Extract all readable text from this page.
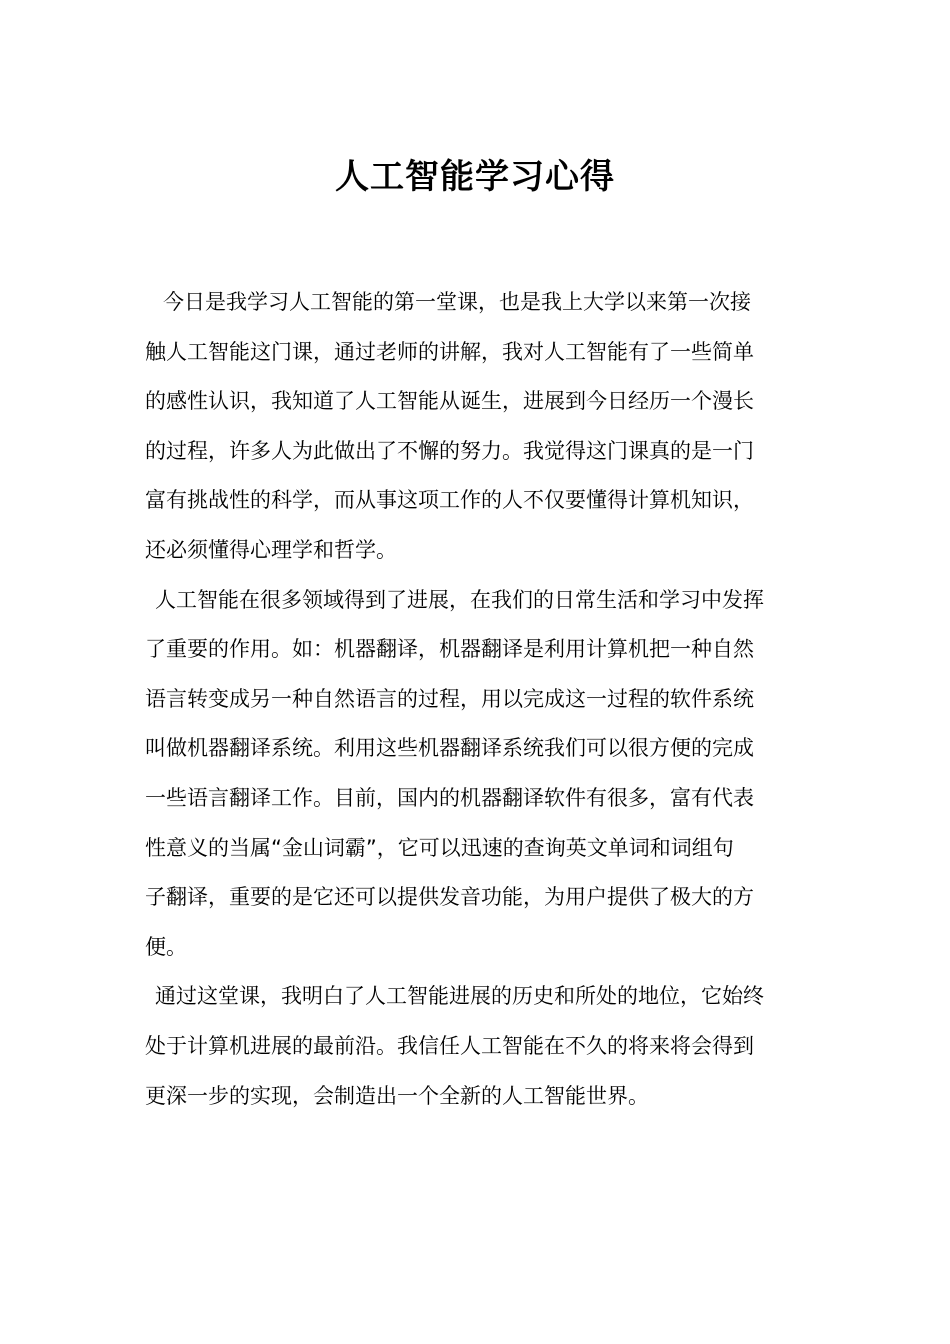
人工智能学习心得

今日是我学习人工智能的第一堂课，也是我上大学以来第一次接
触人工智能这门课，通过老师的讲解，我对人工智能有了一些简单
的感性认识，我知道了人工智能从诞生，进展到今日经历一个漫长
的过程，许多人为此做出了不懈的努力。我觉得这门课真的是一门
富有挑战性的科学，而从事这项工作的人不仅要懂得计算机知识，
还必须懂得心理学和哲学。

人工智能在很多领域得到了进展，在我们的日常生活和学习中发挥
了重要的作用。如：机器翻译，机器翻译是利用计算机把一种自然
语言转变成另一种自然语言的过程，用以完成这一过程的软件系统
叫做机器翻译系统。利用这些机器翻译系统我们可以很方便的完成
一些语言翻译工作。目前，国内的机器翻译软件有很多，富有代表
性意义的当属“金山词霸”，它可以迅速的查询英文单词和词组句
子翻译，重要的是它还可以提供发音功能，为用户提供了极大的方
便。

通过这堂课，我明白了人工智能进展的历史和所处的地位，它始终
处于计算机进展的最前沿。我信任人工智能在不久的将来将会得到
更深一步的实现，会制造出一个全新的人工智能世界。
